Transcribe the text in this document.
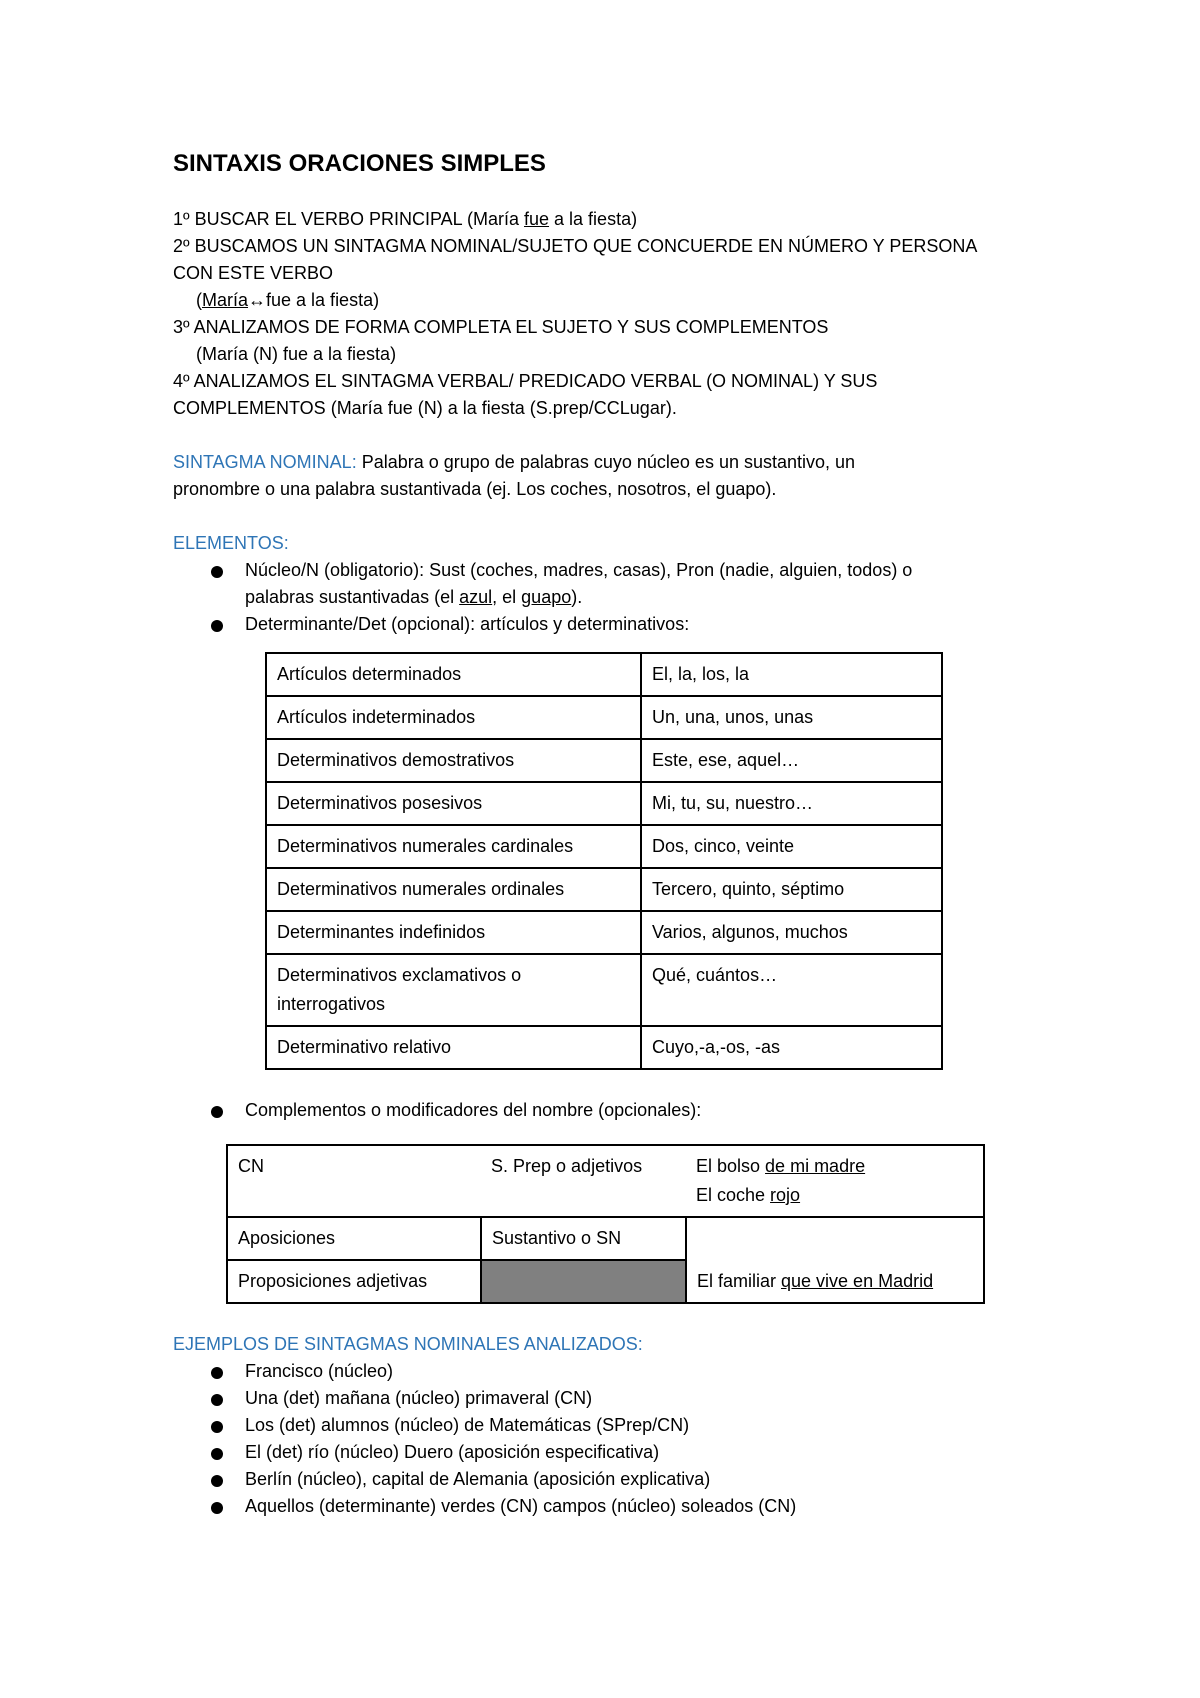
SINTAXIS ORACIONES SIMPLES

1º BUSCAR EL VERBO PRINCIPAL (María fue a la fiesta)

2º BUSCAMOS UN SINTAGMA NOMINAL/SUJETO QUE CONCUERDE EN NÚMERO Y PERSONA

CON ESTE VERBO

(María↔fue a la fiesta)

3º ANALIZAMOS DE FORMA COMPLETA EL SUJETO Y SUS COMPLEMENTOS

(María (N) fue a la fiesta)

4º ANALIZAMOS EL SINTAGMA VERBAL/ PREDICADO VERBAL (O NOMINAL) Y SUS

COMPLEMENTOS (María fue (N) a la fiesta (S.prep/CCLugar).

SINTAGMA NOMINAL: Palabra o grupo de palabras cuyo núcleo es un sustantivo, un

pronombre o una palabra sustantivada (ej. Los coches, nosotros, el guapo).

ELEMENTOS:

Núcleo/N (obligatorio): Sust (coches, madres, casas), Pron (nadie, alguien, todos) o
palabras sustantivadas (el azul, el guapo).
Determinante/Det (opcional): artículos y determinativos:
Artículos determinados	El, la, los, la
Artículos indeterminados	Un, una, unos, unas
Determinativos demostrativos	Este, ese, aquel…
Determinativos posesivos	Mi, tu, su, nuestro…
Determinativos numerales cardinales	Dos, cinco, veinte
Determinativos numerales ordinales	Tercero, quinto, séptimo
Determinantes indefinidos	Varios, algunos, muchos
Determinativos exclamativos o interrogativos	Qué, cuántos…
Determinativo relativo	Cuyo,-a,-os, -as
Complementos o modificadores del nombre (opcionales):
CN	S. Prep o adjetivos	El bolso de mi madre
El coche rojo
Aposiciones	Sustantivo o SN	El familiar que vive en Madrid
Proposiciones adjetivas		

EJEMPLOS DE SINTAGMAS NOMINALES ANALIZADOS:

Francisco (núcleo)
Una (det) mañana (núcleo) primaveral (CN)
Los (det) alumnos (núcleo) de Matemáticas (SPrep/CN)
El (det) río (núcleo) Duero (aposición especificativa)
Berlín (núcleo), capital de Alemania (aposición explicativa)
Aquellos (determinante) verdes (CN) campos (núcleo) soleados (CN)
